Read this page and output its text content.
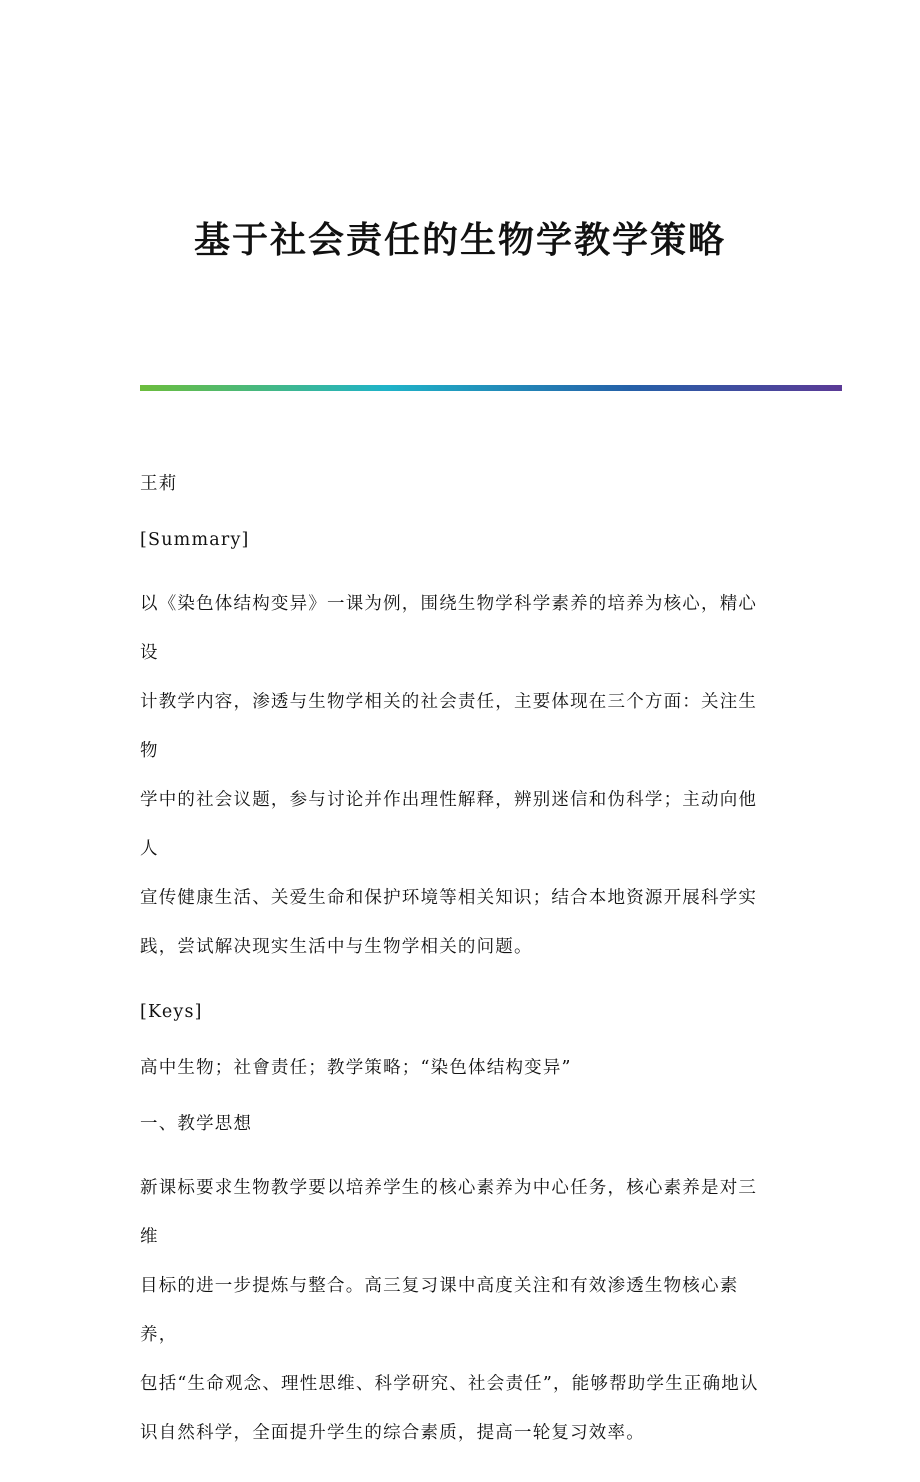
基于社会责任的生物学教学策略

王莉

[Summary]

以《染色体结构变异》一课为例，围绕生物学科学素养的培养为核心，精心设

计教学内容，渗透与生物学相关的社会责任，主要体现在三个方面：关注生物

学中的社会议题，参与讨论并作出理性解释，辨别迷信和伪科学；主动向他人

宣传健康生活、关爱生命和保护环境等相关知识；结合本地资源开展科学实

践，尝试解决现实生活中与生物学相关的问题。

[Keys]

高中生物；社會责任；教学策略；“染色体结构变异”

一、教学思想

新课标要求生物教学要以培养学生的核心素养为中心任务，核心素养是对三维

目标的进一步提炼与整合。高三复习课中高度关注和有效渗透生物核心素养，

包括“生命观念、理性思维、科学研究、社会责任”，能够帮助学生正确地认

识自然科学，全面提升学生的综合素质，提高一轮复习效率。
